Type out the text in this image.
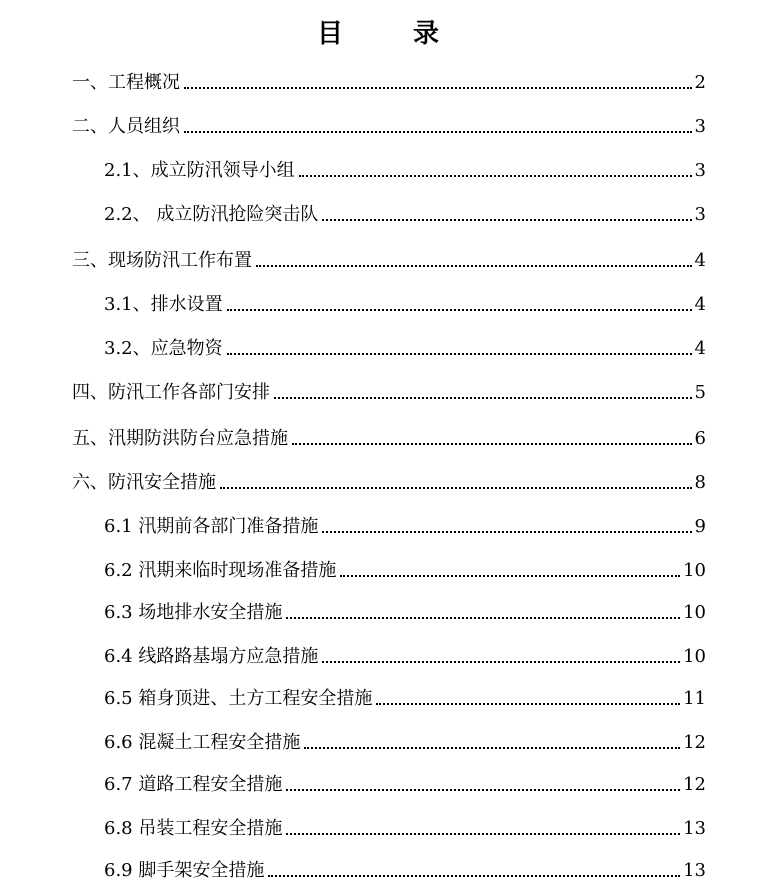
目　录
一、工程概况	2
二、人员组织	3
2.1、成立防汛领导小组	3
2.2、 成立防汛抢险突击队	3
三、现场防汛工作布置	4
3.1、排水设置	4
3.2、应急物资	4
四、防汛工作各部门安排	5
五、汛期防洪防台应急措施	6
六、防汛安全措施	8
6.1 汛期前各部门准备措施	9
6.2 汛期来临时现场准备措施	10
6.3 场地排水安全措施	10
6.4 线路路基塌方应急措施	10
6.5 箱身顶进、土方工程安全措施	11
6.6 混凝土工程安全措施	12
6.7 道路工程安全措施	12
6.8 吊装工程安全措施	13
6.9 脚手架安全措施	13
